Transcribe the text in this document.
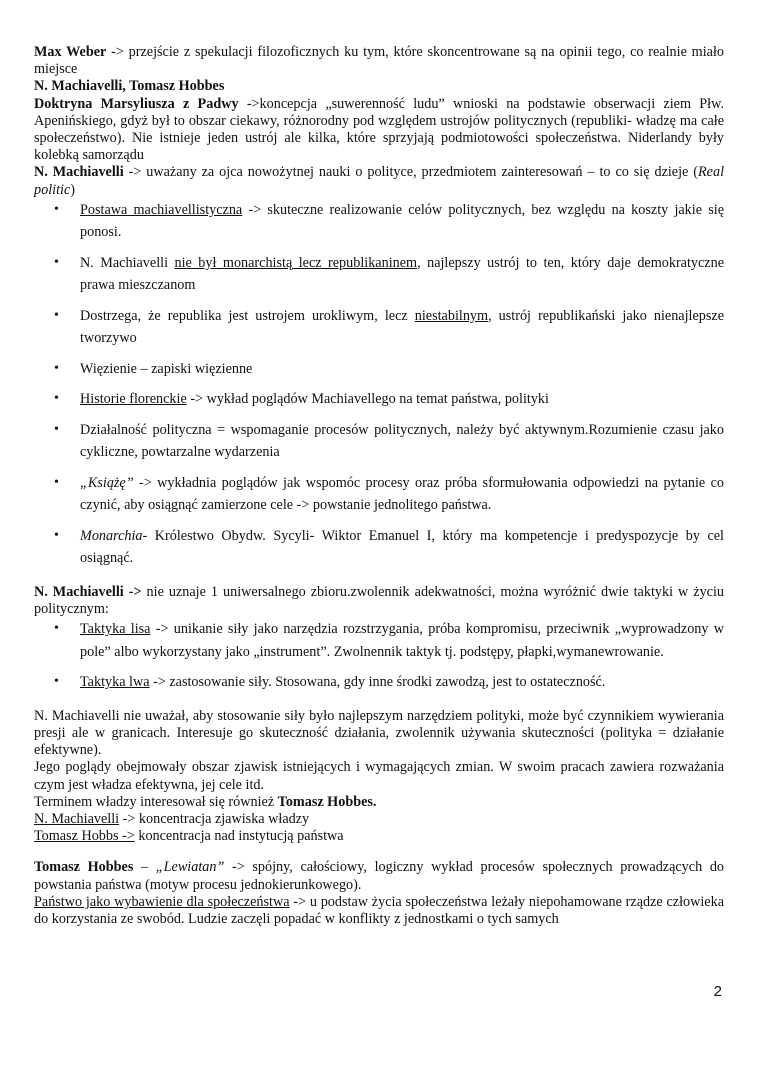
Max Weber -> przejście z spekulacji filozoficznych ku tym, które skoncentrowane są na opinii tego, co realnie miało miejsce

N. Machiavelli, Tomasz Hobbes

Doktryna Marsyliusza z Padwy ->koncepcja „suwerenność ludu” wnioski na podstawie obserwacji ziem Płw. Apenińskiego, gdyż był to obszar ciekawy, różnorodny pod względem ustrojów politycznych (republiki- władzę ma całe społeczeństwo). Nie istnieje jeden ustrój ale kilka, które sprzyjają podmiotowości społeczeństwa. Niderlandy były kolebką samorządu

N. Machiavelli -> uważany za ojca nowożytnej nauki o polityce, przedmiotem zainteresowań – to co się dzieje (Real politic)

• Postawa machiavellistyczna -> skuteczne realizowanie celów politycznych, bez względu na koszty jakie się ponosi.
• N. Machiavelli nie był monarchistą lecz republikaninem, najlepszy ustrój to ten, który daje demokratyczne prawa mieszczanom
• Dostrzega, że republika jest ustrojem urokliwym, lecz niestabilnym, ustrój republikański jako nienajlepsze tworzywo
• Więzienie – zapiski więzienne
• Historie florenckie -> wykład poglądów Machiavellego na temat państwa, polityki
• Działalność polityczna = wspomaganie procesów politycznych, należy być aktywnym.Rozumienie czasu jako cykliczne, powtarzalne wydarzenia
• „Książę” -> wykładnia poglądów jak wspomóc procesy oraz próba sformułowania odpowiedzi na pytanie co czynić, aby osiągnąć zamierzone cele -> powstanie jednolitego państwa.
• Monarchia- Królestwo Obydw. Sycyli- Wiktor Emanuel I, który ma kompetencje i predyspozycje by cel osiągnąć.

N. Machiavelli -> nie uznaje 1 uniwersalnego zbioru.zwolennik adekwatności, można wyróżnić dwie taktyki w życiu politycznym:

• Taktyka lisa -> unikanie siły jako narzędzia rozstrzygania, próba kompromisu, przeciwnik „wyprowadzony w pole” albo wykorzystany jako „instrument”. Zwolnennik taktyk tj. podstępy, płapki,wymanewrowanie.
• Taktyka lwa -> zastosowanie siły. Stosowana, gdy inne środki zawodzą, jest to ostateczność.

N. Machiavelli nie uważał, aby stosowanie siły było najlepszym narzędziem polityki, może być czynnikiem wywierania presji ale w granicach. Interesuje go skuteczność działania, zwolennik używania skuteczności (polityka = działanie efektywne).

Jego poglądy obejmowały obszar zjawisk istniejących i wymagających zmian. W swoim pracach zawiera rozważania czym jest władza efektywna, jej cele itd.

Terminem władzy interesował się również Tomasz Hobbes.

N. Machiavelli -> koncentracja zjawiska władzy

Tomasz Hobbs -> koncentracja nad instytucją państwa

Tomasz Hobbes – „Lewiatan” -> spójny, całościowy, logiczny wykład procesów społecznych prowadzących do powstania państwa (motyw procesu jednokierunkowego).

Państwo jako wybawienie dla społeczeństwa -> u podstaw życia społeczeństwa leżały niepohamowane rządze człowieka do korzystania ze swobód. Ludzie zaczęli popadać w konflikty z jednostkami o tych samych

2
